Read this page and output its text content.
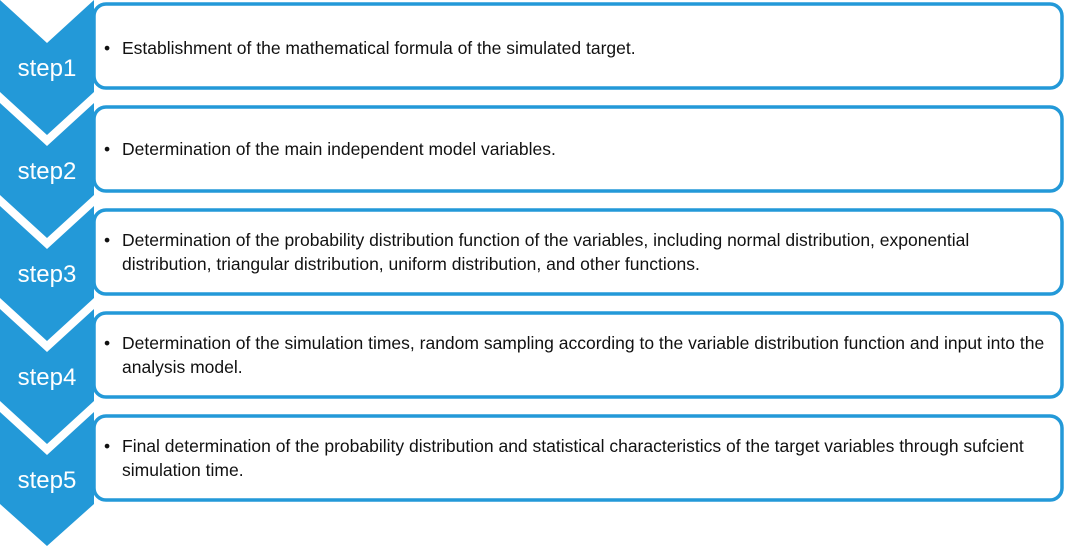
step1
step2
step3
step4
step5
• Establishment of the mathematical formula of the simulated target.
• Determination of the main independent model variables.
• Determination of the probability distribution function of the variables, including normal distribution, exponential distribution, triangular distribution, uniform distribution, and other functions.
• Determination of the simulation times, random sampling according to the variable distribution function and input into the analysis model.
• Final determination of the probability distribution and statistical characteristics of the target variables through sufcient simulation time.
